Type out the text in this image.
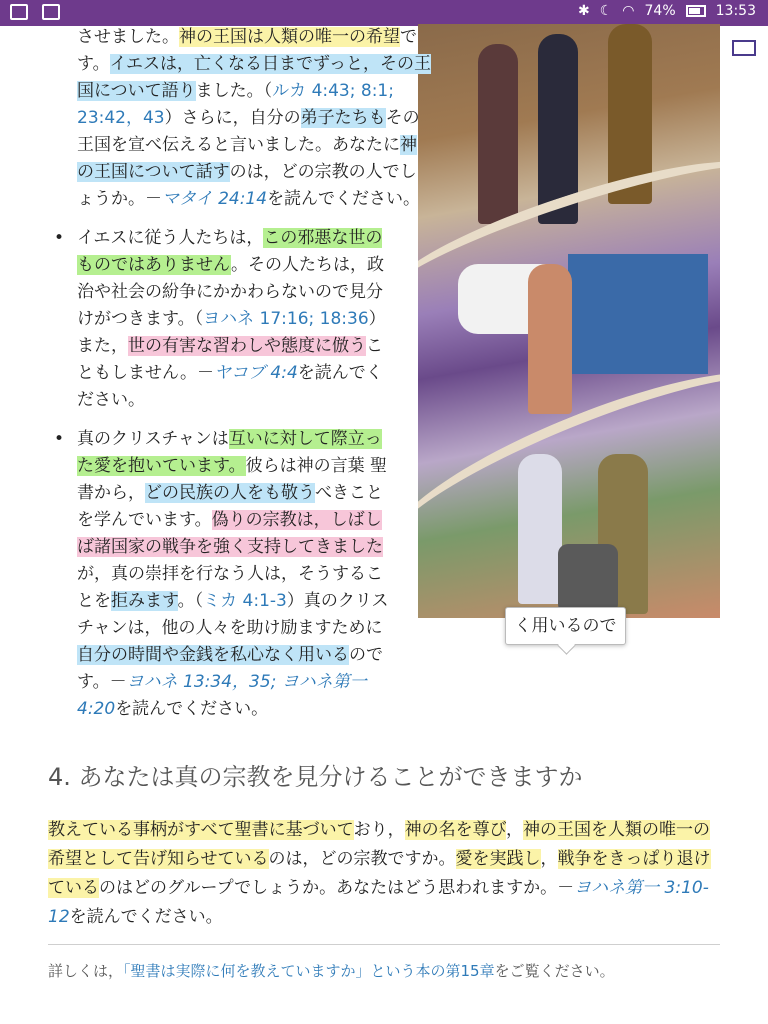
✱ ☾ ◠ 74%	13:53

させました。神の王国は人類の唯一の希望です。イエスは，亡くなる日までずっと，その王国について語りました。（ルカ 4:43; 8:1; 23:42，43）さらに，自分の弟子たちもその王国を宣べ伝えると言いました。あなたに神の王国について話すのは，どの宗教の人でしょうか。－マタイ 24:14を読んでください。

• イエスに従う人たちは，この邪悪な世のものではありません。その人たちは，政治や社会の紛争にかかわらないので見分けがつきます。（ヨハネ 17:16; 18:36）また，世の有害な習わしや態度に倣うこともしません。－ヤコブ 4:4を読んでください。
• 真のクリスチャンは互いに対して際立った愛を抱いています。彼らは神の言葉 聖書から，どの民族の人をも敬うべきことを学んでいます。偽りの宗教は，しばしば諸国家の戦争を強く支持してきましたが，真の崇拝を行なう人は，そうすることを拒みます。（ミカ 4:1-3）真のクリスチャンは，他の人々を助け励ますために自分の時間や金銭を私心なく用いるのです。－ヨハネ 13:34，35; ヨハネ第一 4:20を読んでください。
く用いるので
4. あなたは真の宗教を見分けることができますか
教えている事柄がすべて聖書に基づいており，神の名を尊び，神の王国を人類の唯一の希望として告げ知らせているのは，どの宗教ですか。愛を実践し，戦争をきっぱり退けているのはどのグループでしょうか。あなたはどう思われますか。－ヨハネ第一 3:10-12を読んでください。
詳しくは，「聖書は実際に何を教えていますか」という本の第15章をご覧ください。
